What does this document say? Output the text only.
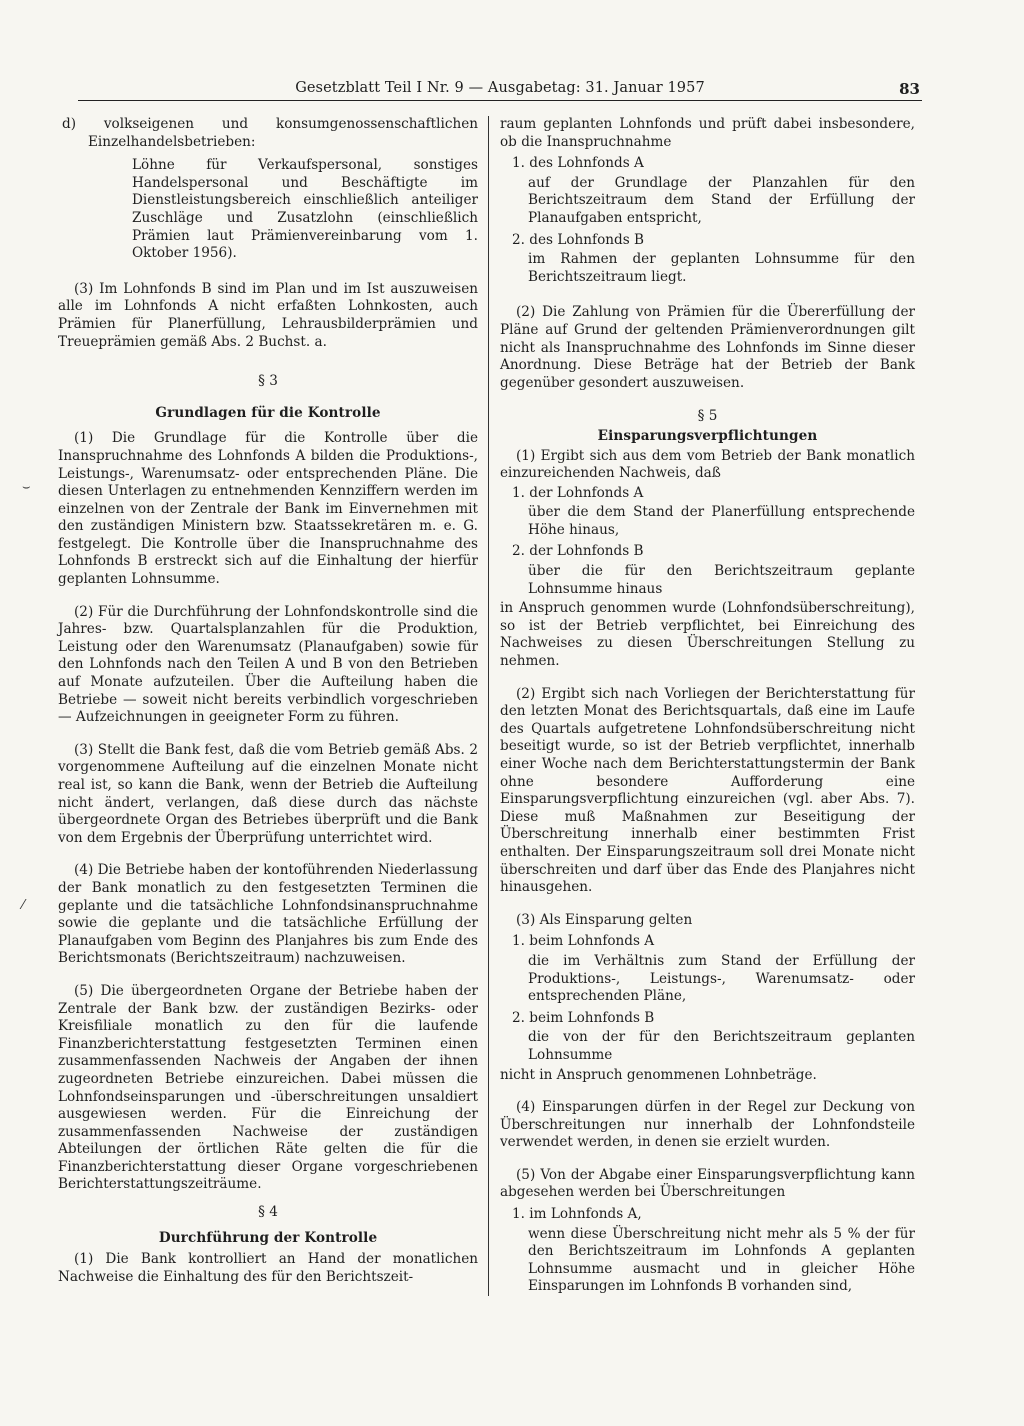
Gesetzblatt Teil I Nr. 9 — Ausgabetag: 31. Januar 1957	83
⌣
⁄

d) volkseigenen und konsumgenossenschaftlichen Einzelhandelsbetrieben:

Löhne für Verkaufspersonal, sonstiges Handelspersonal und Beschäftigte im Dienstleistungsbereich einschließlich anteiliger Zuschläge und Zusatzlohn (einschließlich Prämien laut Prämienvereinbarung vom 1. Oktober 1956).

(3) Im Lohnfonds B sind im Plan und im Ist auszuweisen alle im Lohnfonds A nicht erfaßten Lohnkosten, auch Prämien für Planerfüllung, Lehrausbilderprämien und Treueprämien gemäß Abs. 2 Buchst. a.

§ 3
Grundlagen für die Kontrolle

(1) Die Grundlage für die Kontrolle über die Inanspruchnahme des Lohnfonds A bilden die Produktions-, Leistungs-, Warenumsatz- oder entsprechenden Pläne. Die diesen Unterlagen zu entnehmenden Kennziffern werden im einzelnen von der Zentrale der Bank im Einvernehmen mit den zuständigen Ministern bzw. Staatssekretären m. e. G. festgelegt. Die Kontrolle über die Inanspruchnahme des Lohnfonds B erstreckt sich auf die Einhaltung der hierfür geplanten Lohnsumme.

(2) Für die Durchführung der Lohnfondskontrolle sind die Jahres- bzw. Quartalsplanzahlen für die Produktion, Leistung oder den Warenumsatz (Planaufgaben) sowie für den Lohnfonds nach den Teilen A und B von den Betrieben auf Monate aufzuteilen. Über die Aufteilung haben die Betriebe — soweit nicht bereits verbindlich vorgeschrieben — Aufzeichnungen in geeigneter Form zu führen.

(3) Stellt die Bank fest, daß die vom Betrieb gemäß Abs. 2 vorgenommene Aufteilung auf die einzelnen Monate nicht real ist, so kann die Bank, wenn der Betrieb die Aufteilung nicht ändert, verlangen, daß diese durch das nächste übergeordnete Organ des Betriebes überprüft und die Bank von dem Ergebnis der Überprüfung unterrichtet wird.

(4) Die Betriebe haben der kontoführenden Niederlassung der Bank monatlich zu den festgesetzten Terminen die geplante und die tatsächliche Lohnfondsinanspruchnahme sowie die geplante und die tatsächliche Erfüllung der Planaufgaben vom Beginn des Planjahres bis zum Ende des Berichtsmonats (Berichtszeitraum) nachzuweisen.

(5) Die übergeordneten Organe der Betriebe haben der Zentrale der Bank bzw. der zuständigen Bezirks- oder Kreisfiliale monatlich zu den für die laufende Finanzberichterstattung festgesetzten Terminen einen zusammenfassenden Nachweis der Angaben der ihnen zugeordneten Betriebe einzureichen. Dabei müssen die Lohnfondseinsparungen und -überschreitungen unsaldiert ausgewiesen werden. Für die Einreichung der zusammenfassenden Nachweise der zuständigen Abteilungen der örtlichen Räte gelten die für die Finanzberichterstattung dieser Organe vorgeschriebenen Berichterstattungszeiträume.

§ 4
Durchführung der Kontrolle

(1) Die Bank kontrolliert an Hand der monatlichen Nachweise die Einhaltung des für den Berichtszeit-

raum geplanten Lohnfonds und prüft dabei insbesondere, ob die Inanspruchnahme

1. des Lohnfonds A

auf der Grundlage der Planzahlen für den Berichtszeitraum dem Stand der Erfüllung der Planaufgaben entspricht,

2. des Lohnfonds B

im Rahmen der geplanten Lohnsumme für den Berichtszeitraum liegt.

(2) Die Zahlung von Prämien für die Übererfüllung der Pläne auf Grund der geltenden Prämienverordnungen gilt nicht als Inanspruchnahme des Lohnfonds im Sinne dieser Anordnung. Diese Beträge hat der Betrieb der Bank gegenüber gesondert auszuweisen.

§ 5
Einsparungsverpflichtungen

(1) Ergibt sich aus dem vom Betrieb der Bank monatlich einzureichenden Nachweis, daß

1. der Lohnfonds A

über die dem Stand der Planerfüllung entsprechende Höhe hinaus,

2. der Lohnfonds B

über die für den Berichtszeitraum geplante Lohnsumme hinaus

in Anspruch genommen wurde (Lohnfondsüberschreitung), so ist der Betrieb verpflichtet, bei Einreichung des Nachweises zu diesen Überschreitungen Stellung zu nehmen.

(2) Ergibt sich nach Vorliegen der Berichterstattung für den letzten Monat des Berichtsquartals, daß eine im Laufe des Quartals aufgetretene Lohnfondsüberschreitung nicht beseitigt wurde, so ist der Betrieb verpflichtet, innerhalb einer Woche nach dem Berichterstattungstermin der Bank ohne besondere Aufforderung eine Einsparungsverpflichtung einzureichen (vgl. aber Abs. 7). Diese muß Maßnahmen zur Beseitigung der Überschreitung innerhalb einer bestimmten Frist enthalten. Der Einsparungszeitraum soll drei Monate nicht überschreiten und darf über das Ende des Planjahres nicht hinausgehen.

(3) Als Einsparung gelten

1. beim Lohnfonds A

die im Verhältnis zum Stand der Erfüllung der Produktions-, Leistungs-, Warenumsatz- oder entsprechenden Pläne,

2. beim Lohnfonds B

die von der für den Berichtszeitraum geplanten Lohnsumme

nicht in Anspruch genommenen Lohnbeträge.

(4) Einsparungen dürfen in der Regel zur Deckung von Überschreitungen nur innerhalb der Lohnfondsteile verwendet werden, in denen sie erzielt wurden.

(5) Von der Abgabe einer Einsparungsverpflichtung kann abgesehen werden bei Überschreitungen

1. im Lohnfonds A,

wenn diese Überschreitung nicht mehr als 5 % der für den Berichtszeitraum im Lohnfonds A geplanten Lohnsumme ausmacht und in gleicher Höhe Einsparungen im Lohnfonds B vorhanden sind,
